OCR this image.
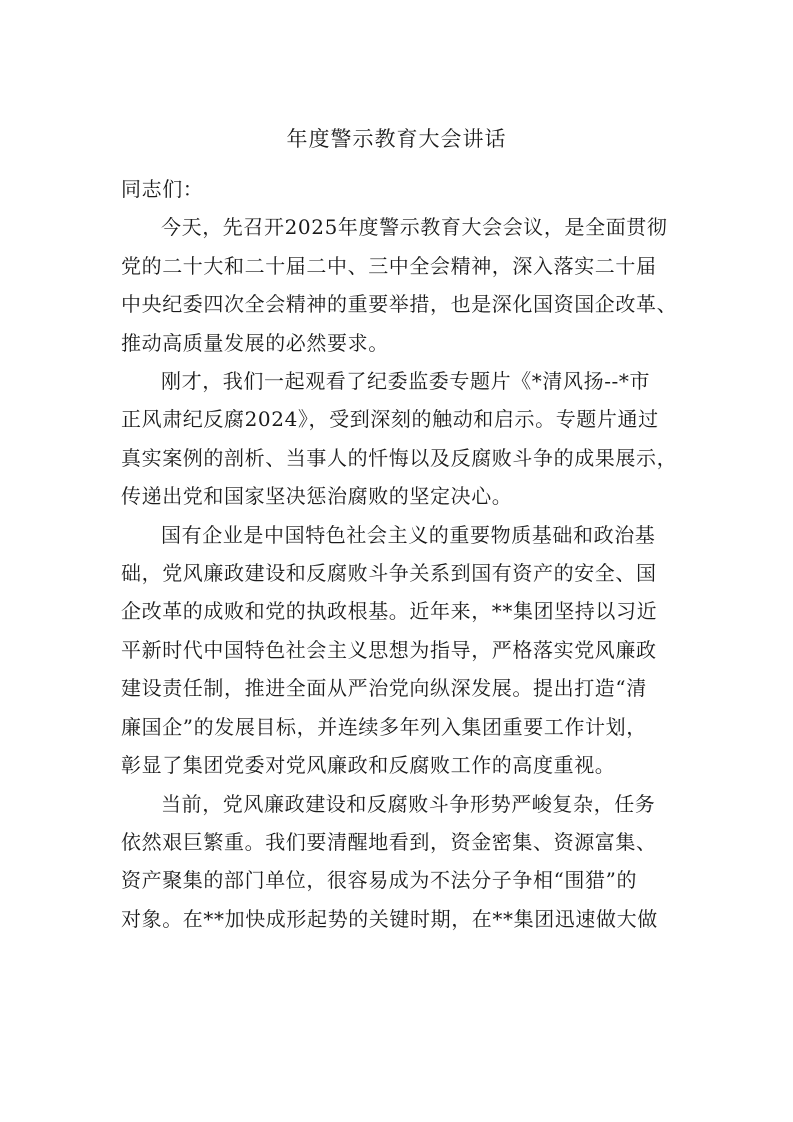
年度警示教育大会讲话

同志们：

今天，先召开2025年度警示教育大会会议，是全面贯彻
党的二十大和二十届二中、三中全会精神，深入落实二十届
中央纪委四次全会精神的重要举措，也是深化国资国企改革、
推动高质量发展的必然要求。

刚才，我们一起观看了纪委监委专题片《*清风扬--*市
正风肃纪反腐2024》，受到深刻的触动和启示。专题片通过
真实案例的剖析、当事人的忏悔以及反腐败斗争的成果展示，
传递出党和国家坚决惩治腐败的坚定决心。

国有企业是中国特色社会主义的重要物质基础和政治基
础，党风廉政建设和反腐败斗争关系到国有资产的安全、国
企改革的成败和党的执政根基。近年来，**集团坚持以习近
平新时代中国特色社会主义思想为指导，严格落实党风廉政
建设责任制，推进全面从严治党向纵深发展。提出打造“清
廉国企”的发展目标，并连续多年列入集团重要工作计划，
彰显了集团党委对党风廉政和反腐败工作的高度重视。

当前，党风廉政建设和反腐败斗争形势严峻复杂，任务
依然艰巨繁重。我们要清醒地看到，资金密集、资源富集、
资产聚集的部门单位，很容易成为不法分子争相“围猎”的
对象。在**加快成形起势的关键时期，在**集团迅速做大做
